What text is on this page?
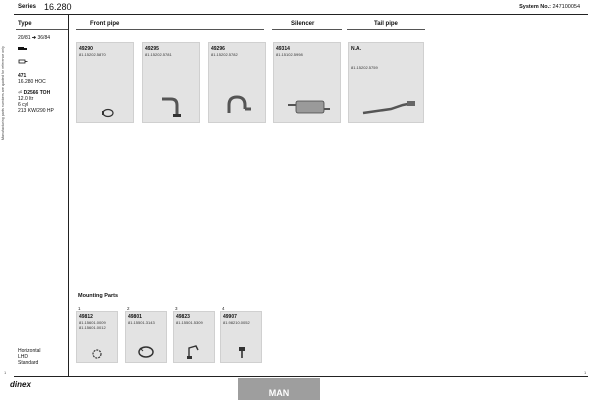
Series 16.280	System No.: 247100054
Manufacturing parts numbers are quoted for reference only
Type
20/81 ➔ 36/84
471
16.280 HOC
⏎ D2566 TOH
12.0 ltr
6 cyl
213 KW/290 HP
Horizontal
LHD
Standard
Front pipe	Silencer	Tail pipe
49290
81.15202.5870
49295
81.15202.5781
49296
81.15202.5782
49314
81.15102.5998
N.A.
81.15202.5759
Mounting Parts
1
49812
81.15601.0009
81.15601.0012
2
49801
81.15501.3143
3
49823
81.15501.5309
4
49907
81.98210.0052
1	1
dinex
MAN
